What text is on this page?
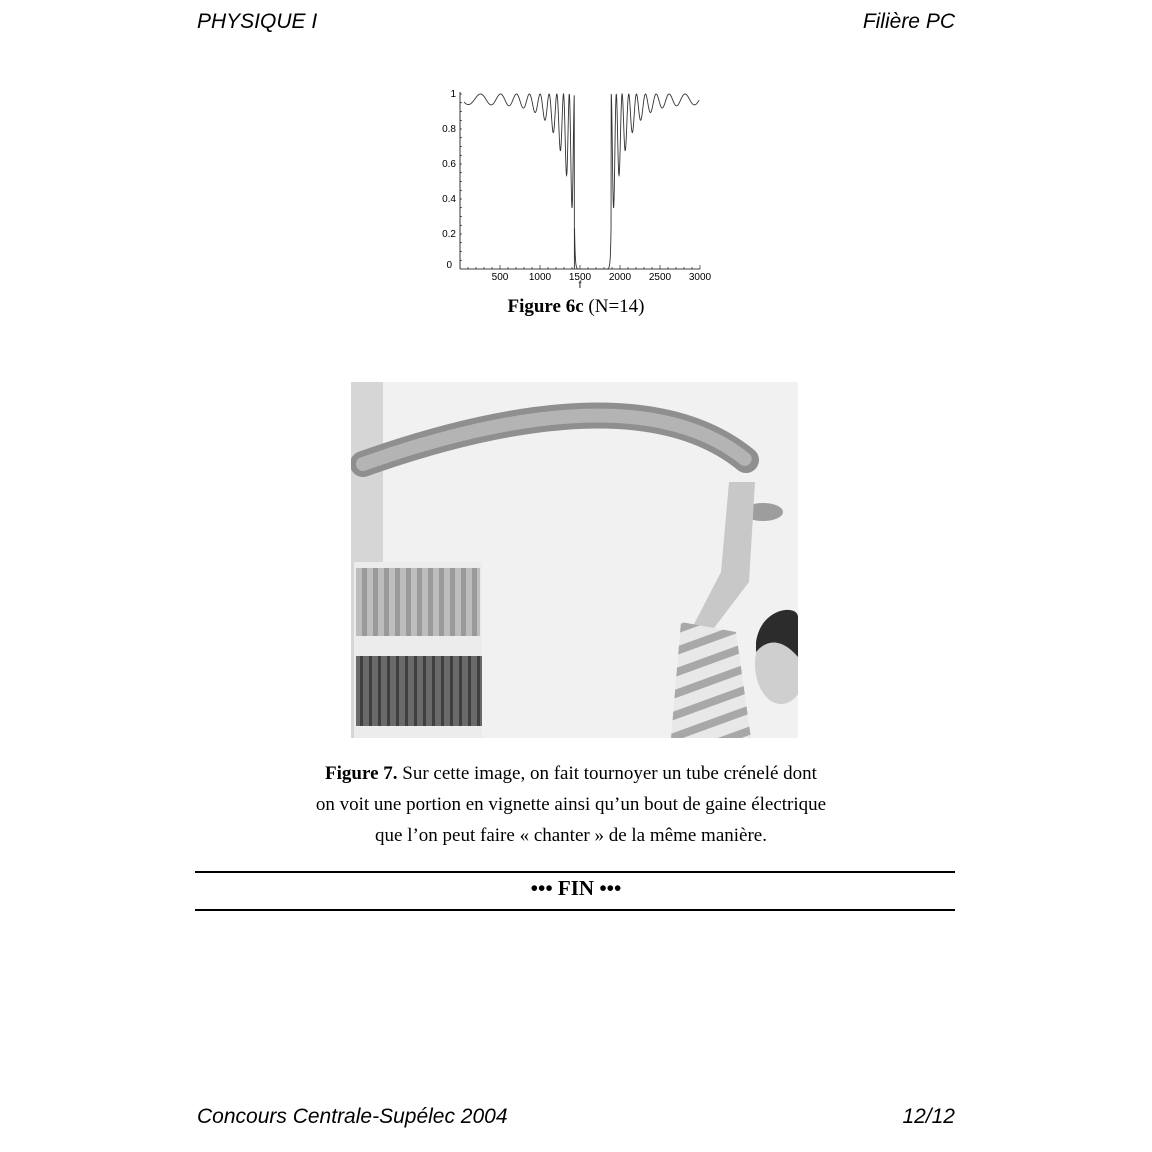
PHYSIQUE I	Filière PC
500 1000 1500 2000 2500 3000
0.2
0.4
0.6
0.8
1
0
f
Figure 6c (N=14)
Figure 7. Sur cette image, on fait tournoyer un tube crénelé dont
on voit une portion en vignette ainsi qu’un bout de gaine électrique
que l’on peut faire « chanter » de la même manière.
••• FIN •••
Concours Centrale-Supélec 2004	12/12
